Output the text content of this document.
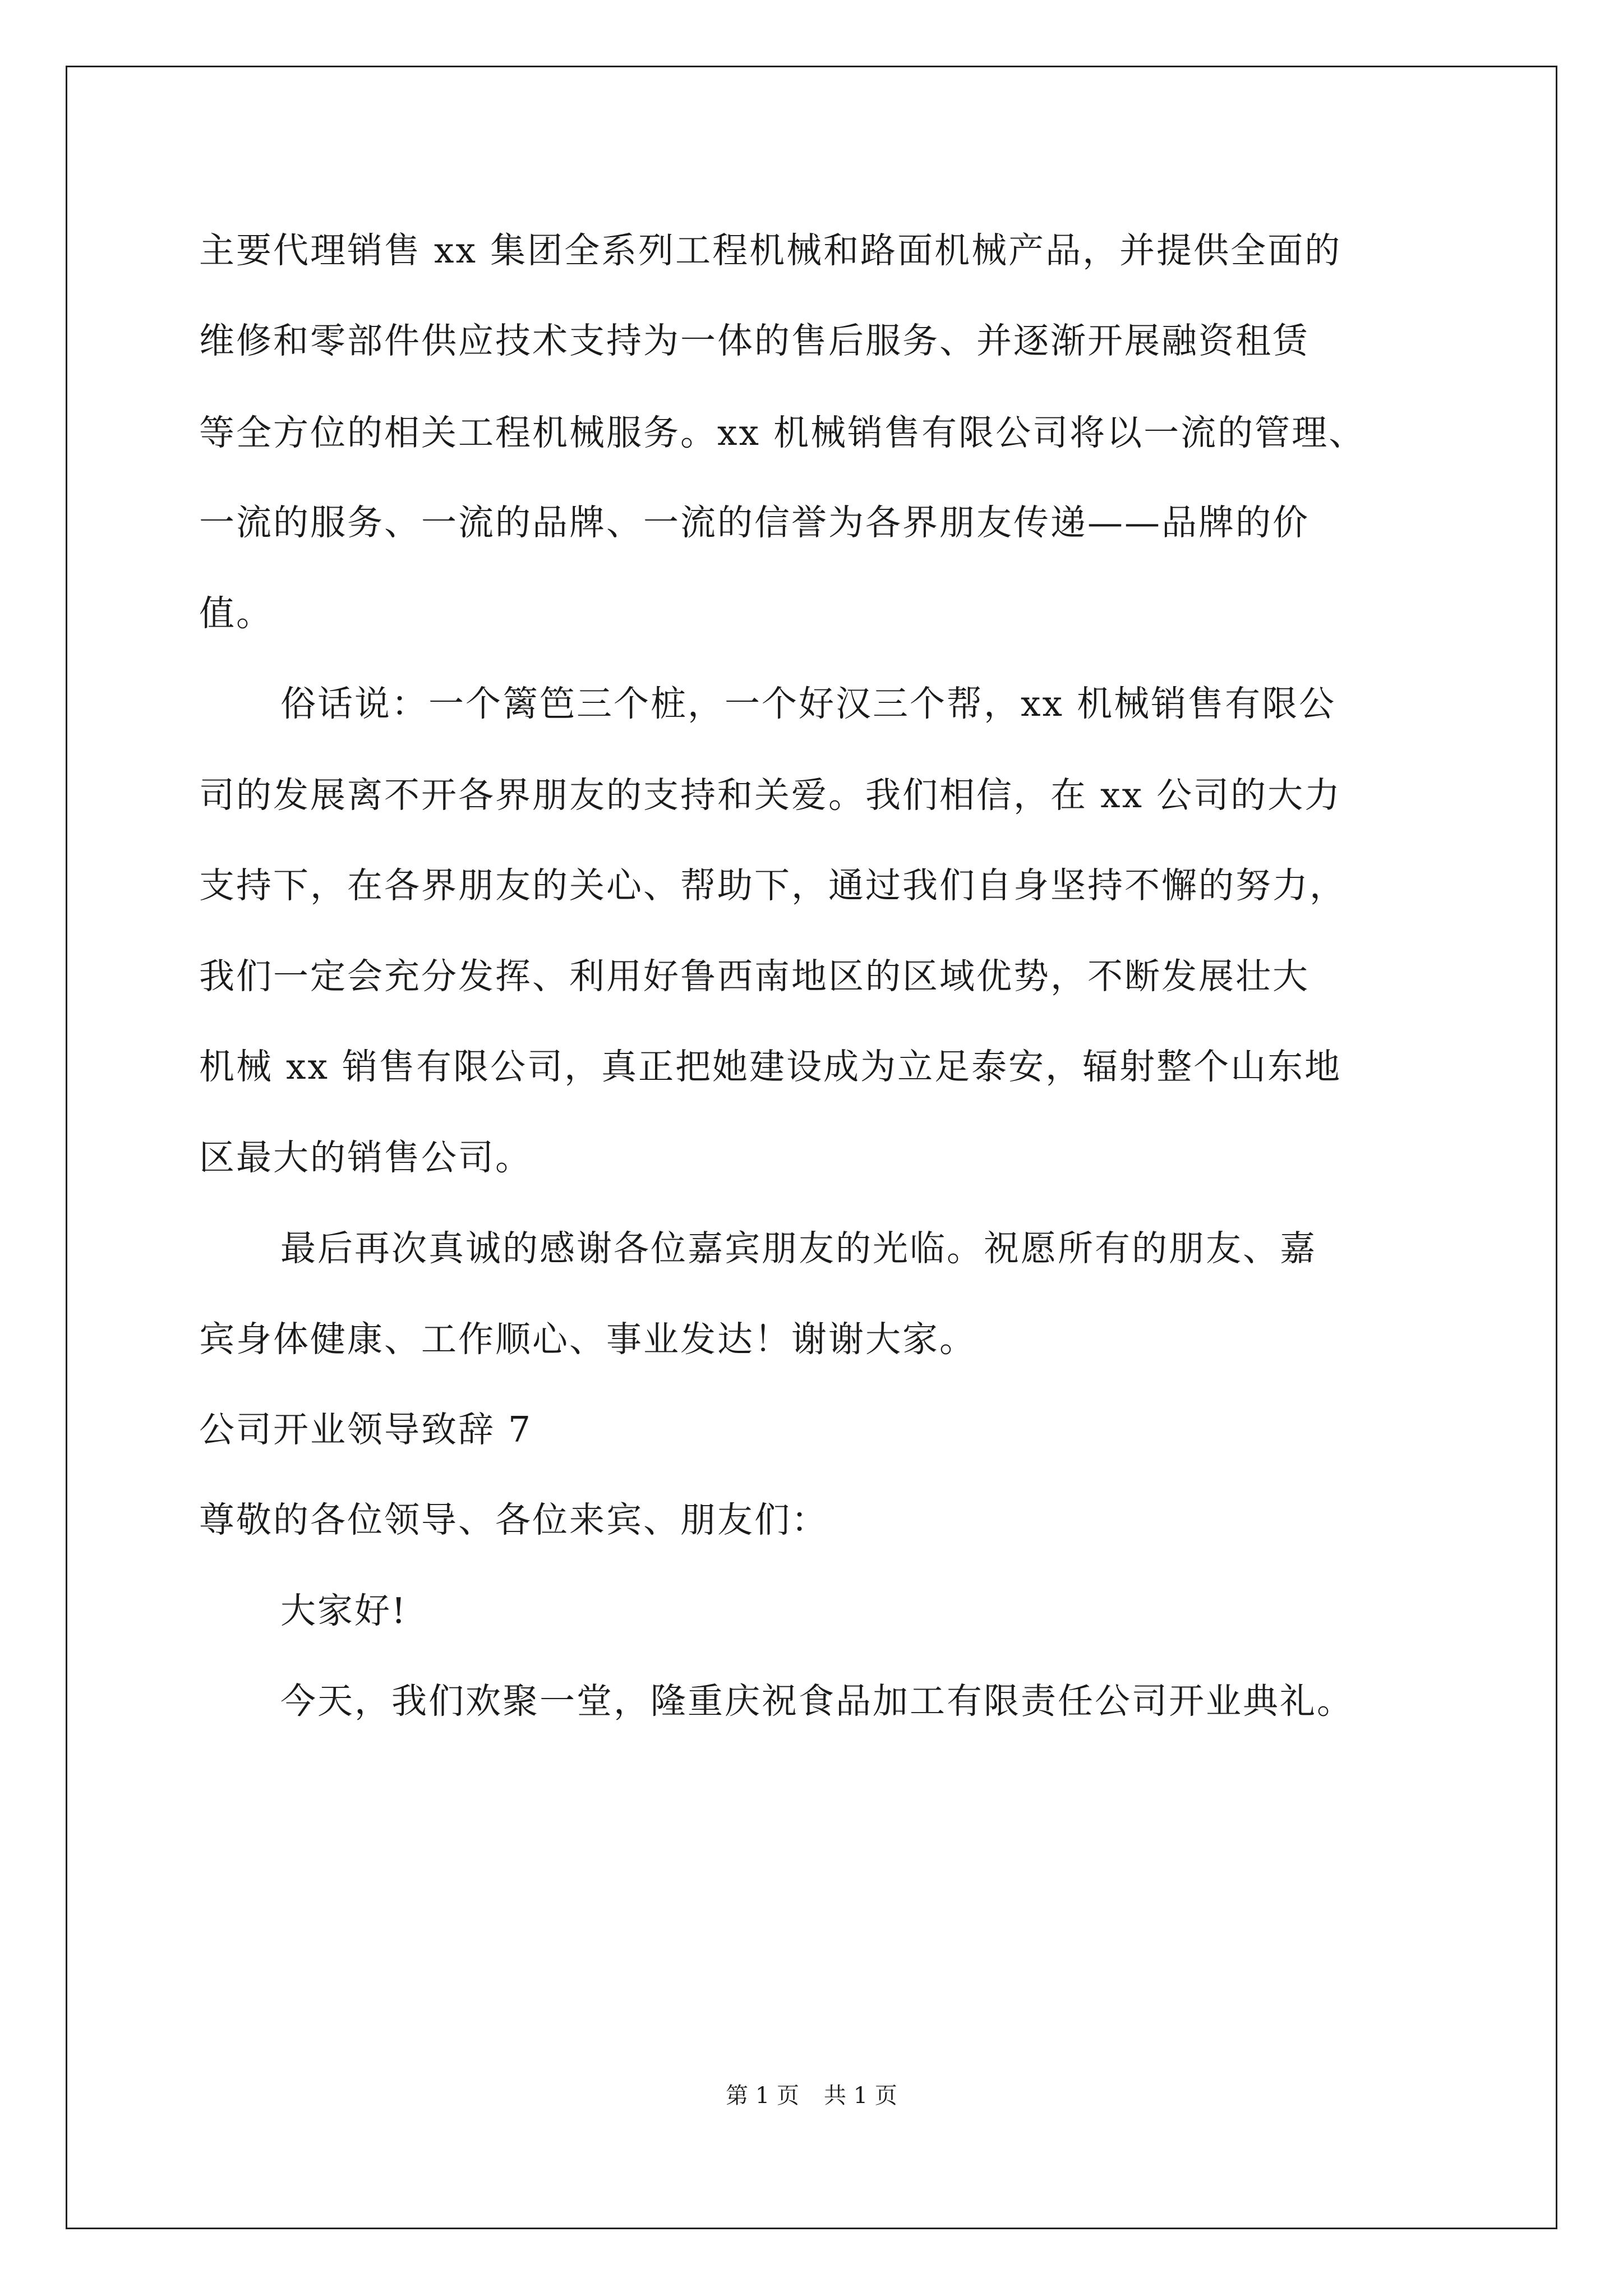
主要代理销售 xx 集团全系列工程机械和路面机械产品，并提供全面的
维修和零部件供应技术支持为一体的售后服务、并逐渐开展融资租赁
等全方位的相关工程机械服务。xx 机械销售有限公司将以一流的管理、
一流的服务、一流的品牌、一流的信誉为各界朋友传递——品牌的价
值。
俗话说：一个篱笆三个桩，一个好汉三个帮，xx 机械销售有限公
司的发展离不开各界朋友的支持和关爱。我们相信，在 xx 公司的大力
支持下，在各界朋友的关心、帮助下，通过我们自身坚持不懈的努力，
我们一定会充分发挥、利用好鲁西南地区的区域优势，不断发展壮大
机械 xx 销售有限公司，真正把她建设成为立足泰安，辐射整个山东地
区最大的销售公司。
最后再次真诚的感谢各位嘉宾朋友的光临。祝愿所有的朋友、嘉
宾身体健康、工作顺心、事业发达！谢谢大家。
公司开业领导致辞 7
尊敬的各位领导、各位来宾、朋友们：
大家好!
今天，我们欢聚一堂，隆重庆祝食品加工有限责任公司开业典礼。
第 1 页 共 1 页
